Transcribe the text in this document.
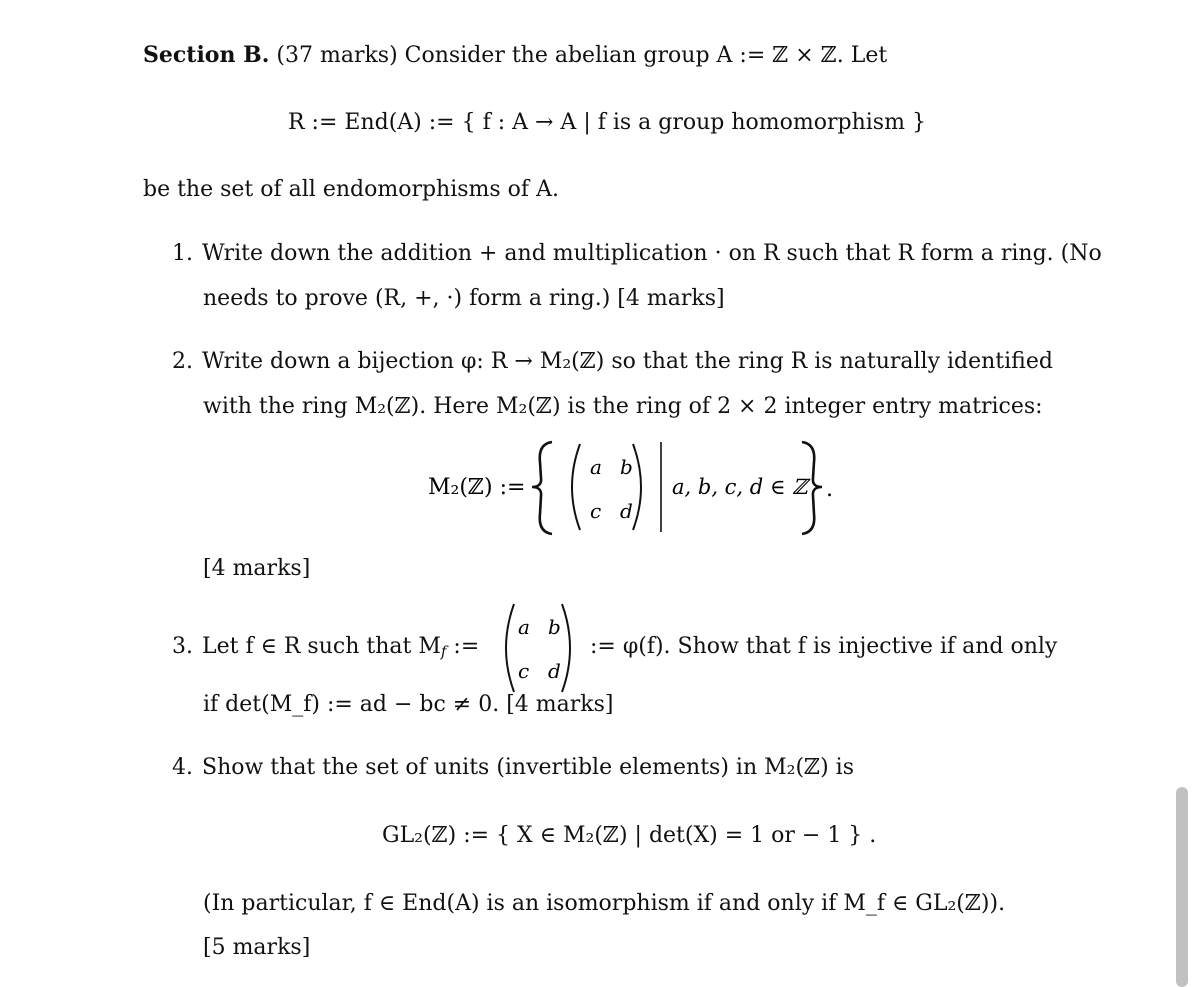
Section B. (37 marks) Consider the abelian group A := ℤ × ℤ. Let
R := End(A) := { f : A → A | f is a group homomorphism }
be the set of all endomorphisms of A.
1. Write down the addition + and multiplication · on R such that R form a ring. (No
needs to prove (R, +, ·) form a ring.) [4 marks]
2. Write down a bijection φ: R → M₂(ℤ) so that the ring R is naturally identified
with the ring M₂(ℤ). Here M₂(ℤ) is the ring of 2 × 2 integer entry matrices:
M₂(ℤ) :=
a b
c d
a, b, c, d ∈ ℤ .
[4 marks]
3. Let f ∈ R such that $M_f$ :=
a b
c d
:= φ(f). Show that f is injective if and only
if det(M_f) := ad − bc ≠ 0. [4 marks]
4. Show that the set of units (invertible elements) in M₂(ℤ) is
GL₂(ℤ) := { X ∈ M₂(ℤ) | det(X) = 1 or − 1 } .
(In particular, f ∈ End(A) is an isomorphism if and only if M_f ∈ GL₂(ℤ)).
[5 marks]
